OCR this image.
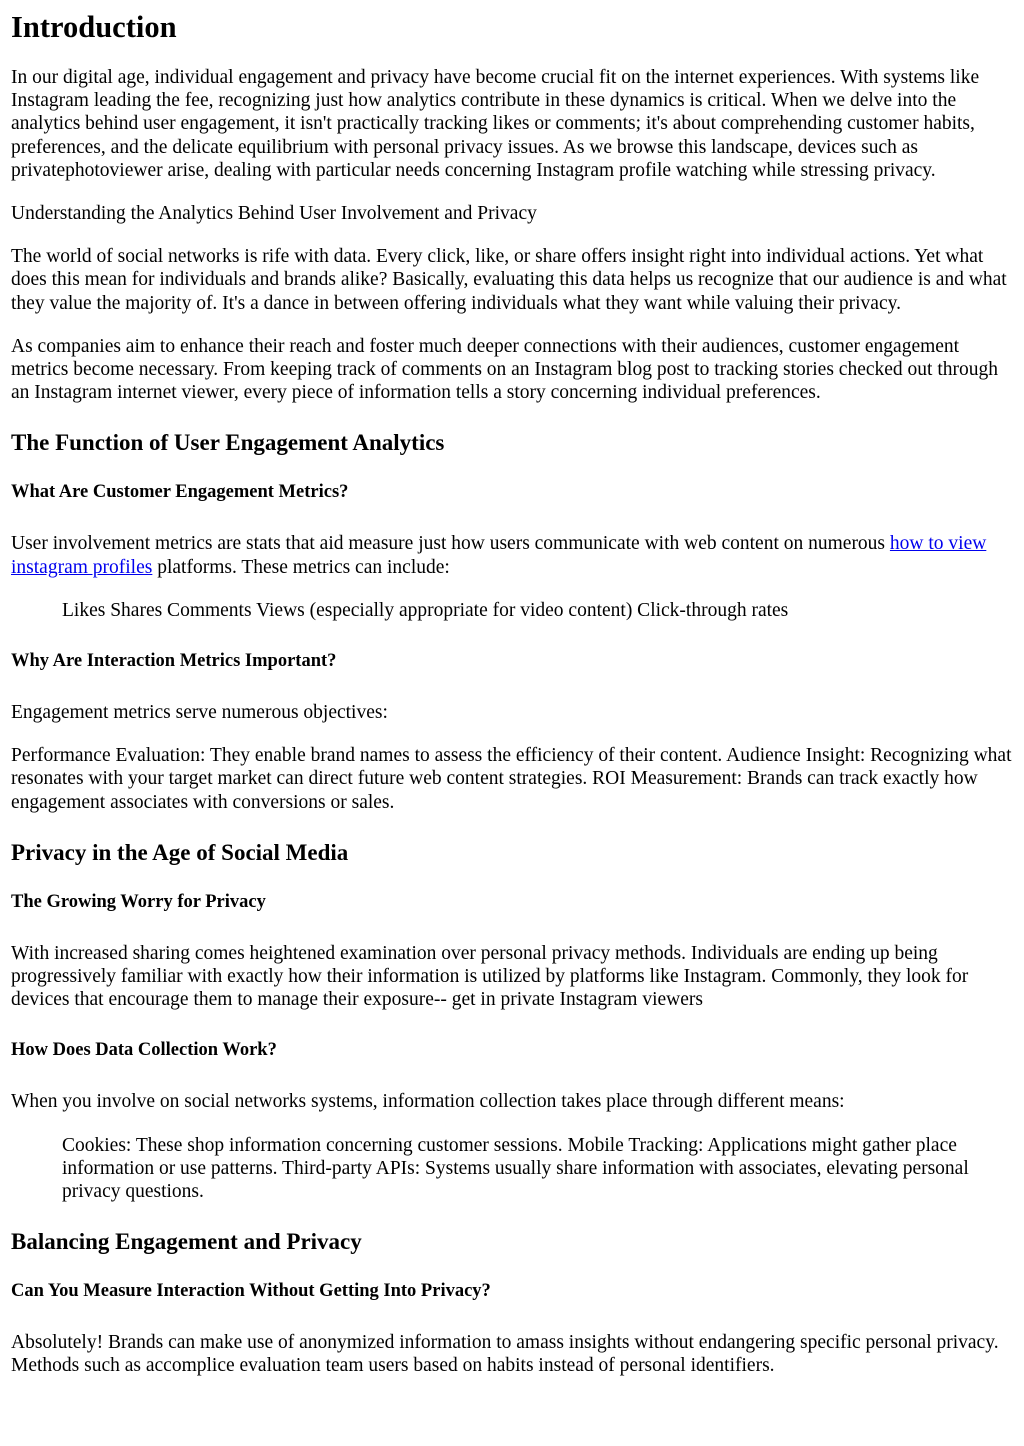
Introduction

In our digital age, individual engagement and privacy have become crucial fit on the internet experiences. With systems like Instagram leading the fee, recognizing just how analytics contribute in these dynamics is critical. When we delve into the analytics behind user engagement, it isn't practically tracking likes or comments; it's about comprehending customer habits, preferences, and the delicate equilibrium with personal privacy issues. As we browse this landscape, devices such as privatephotoviewer arise, dealing with particular needs concerning Instagram profile watching while stressing privacy.

Understanding the Analytics Behind User Involvement and Privacy

The world of social networks is rife with data. Every click, like, or share offers insight right into individual actions. Yet what does this mean for individuals and brands alike? Basically, evaluating this data helps us recognize that our audience is and what they value the majority of. It's a dance in between offering individuals what they want while valuing their privacy.

As companies aim to enhance their reach and foster much deeper connections with their audiences, customer engagement metrics become necessary. From keeping track of comments on an Instagram blog post to tracking stories checked out through an Instagram internet viewer, every piece of information tells a story concerning individual preferences.

The Function of User Engagement Analytics
What Are Customer Engagement Metrics?

User involvement metrics are stats that aid measure just how users communicate with web content on numerous how to view instagram profiles platforms. These metrics can include:

Likes Shares Comments Views (especially appropriate for video content) Click-through rates

Why Are Interaction Metrics Important?

Engagement metrics serve numerous objectives:

Performance Evaluation: They enable brand names to assess the efficiency of their content. Audience Insight: Recognizing what resonates with your target market can direct future web content strategies. ROI Measurement: Brands can track exactly how engagement associates with conversions or sales.

Privacy in the Age of Social Media
The Growing Worry for Privacy

With increased sharing comes heightened examination over personal privacy methods. Individuals are ending up being progressively familiar with exactly how their information is utilized by platforms like Instagram. Commonly, they look for devices that encourage them to manage their exposure-- get in private Instagram viewers

How Does Data Collection Work?

When you involve on social networks systems, information collection takes place through different means:

Cookies: These shop information concerning customer sessions. Mobile Tracking: Applications might gather place information or use patterns. Third-party APIs: Systems usually share information with associates, elevating personal privacy questions.

Balancing Engagement and Privacy
Can You Measure Interaction Without Getting Into Privacy?

Absolutely! Brands can make use of anonymized information to amass insights without endangering specific personal privacy. Methods such as accomplice evaluation team users based on habits instead of personal identifiers.
